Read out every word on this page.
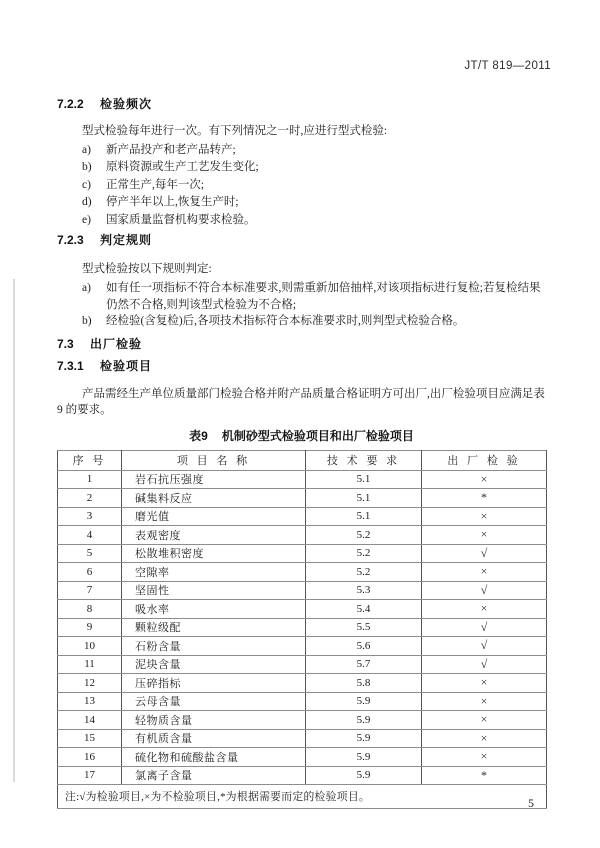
JT/T 819—2011
7.2.2 检验频次

型式检验每年进行一次。有下列情况之一时,应进行型式检验:

a)	新产品投产和老产品转产;
b)	原料资源或生产工艺发生变化;
c)	正常生产,每年一次;
d)	停产半年以上,恢复生产时;
e)	国家质量监督机构要求检验。
7.2.3 判定规则

型式检验按以下规则判定:

a)	如有任一项指标不符合本标准要求,则需重新加倍抽样,对该项指标进行复检;若复检结果仍然不合格,则判该型式检验为不合格;
b)	经检验(含复检)后,各项技术指标符合本标准要求时,则判型式检验合格。
7.3 出厂检验
7.3.1 检验项目

产品需经生产单位质量部门检验合格并附产品质量合格证明方可出厂,出厂检验项目应满足表 9 的要求。

表9 机制砂型式检验项目和出厂检验项目
序 号	项 目 名 称	技 术 要 求	出 厂 检 验
1	岩石抗压强度	5.1	×
2	碱集料反应	5.1	*
3	磨光值	5.1	×
4	表观密度	5.2	×
5	松散堆积密度	5.2	√
6	空隙率	5.2	×
7	坚固性	5.3	√
8	吸水率	5.4	×
9	颗粒级配	5.5	√
10	石粉含量	5.6	√
11	泥块含量	5.7	√
12	压碎指标	5.8	×
13	云母含量	5.9	×
14	轻物质含量	5.9	×
15	有机质含量	5.9	×
16	硫化物和硫酸盐含量	5.9	×
17	氯离子含量	5.9	*
注:√为检验项目,×为不检验项目,*为根据需要而定的检验项目。				5
